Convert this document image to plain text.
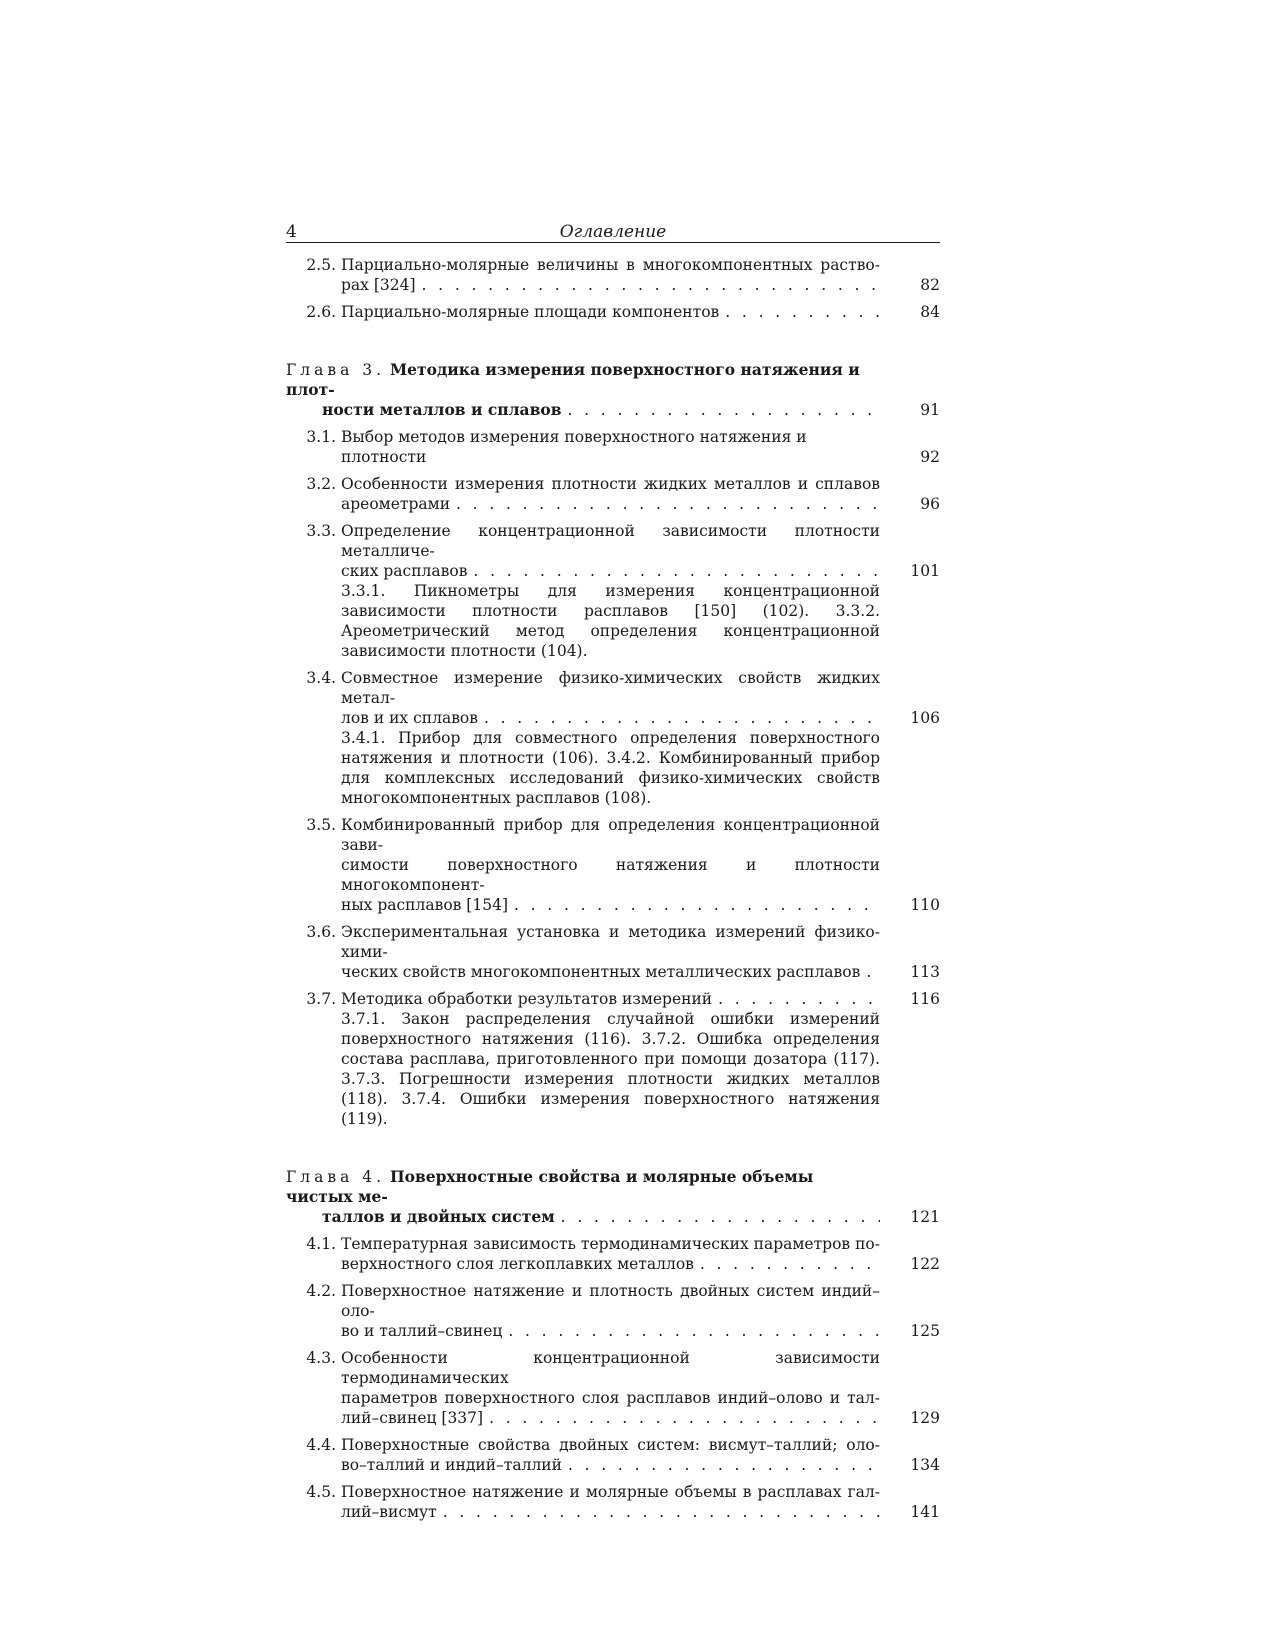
4	Оглавление
2.5. Парциально-молярные величины в многокомпонентных раство-
рах [324] . . .	82
2.6. Парциально-молярные площади компонентов . . .	84
Глава 3. Методика измерения поверхностного натяжения и плот-
ности металлов и сплавов . . .	91
3.1. Выбор методов измерения поверхностного натяжения и плотности	92
3.2. Особенности измерения плотности жидких металлов и сплавов
ареометрами . . .	96
3.3. Определение концентрационной зависимости плотности металличе-
ских расплавов . . .	101
3.3.1. Пикнометры для измерения концентрационной зависимости плотности расплавов [150] (102). 3.3.2. Ареометрический метод определения концентрационной зависимости плотности (104).
3.4. Совместное измерение физико-химических свойств жидких метал-
лов и их сплавов . . .	106
3.4.1. Прибор для совместного определения поверхностного натяжения и плотности (106). 3.4.2. Комбинированный прибор для комплексных исследований физико-химических свойств многокомпонентных расплавов (108).
3.5. Комбинированный прибор для определения концентрационной зави-
симости поверхностного натяжения и плотности многокомпонент-
ных расплавов [154] . . .	110
3.6. Экспериментальная установка и методика измерений физико-хими-
ческих свойств многокомпонентных металлических расплавов . . .	113
3.7. Методика обработки результатов измерений . . .	116
3.7.1. Закон распределения случайной ошибки измерений поверхностного натяжения (116). 3.7.2. Ошибка определения состава расплава, приготовленного при помощи дозатора (117). 3.7.3. Погрешности измерения плотности жидких металлов (118). 3.7.4. Ошибки измерения поверхностного натяжения (119).
Глава 4. Поверхностные свойства и молярные объемы чистых ме-
таллов и двойных систем . . .	121
4.1. Температурная зависимость термодинамических параметров по-
верхностного слоя легкоплавких металлов . . .	122
4.2. Поверхностное натяжение и плотность двойных систем индий–оло-
во и таллий–свинец . . .	125
4.3. Особенности концентрационной зависимости термодинамических
параметров поверхностного слоя расплавов индий–олово и тал-
лий–свинец [337] . . .	129
4.4. Поверхностные свойства двойных систем: висмут–таллий; оло-
во–таллий и индий–таллий . . .	134
4.5. Поверхностное натяжение и молярные объемы в расплавах гал-
лий–висмут . . .	141
